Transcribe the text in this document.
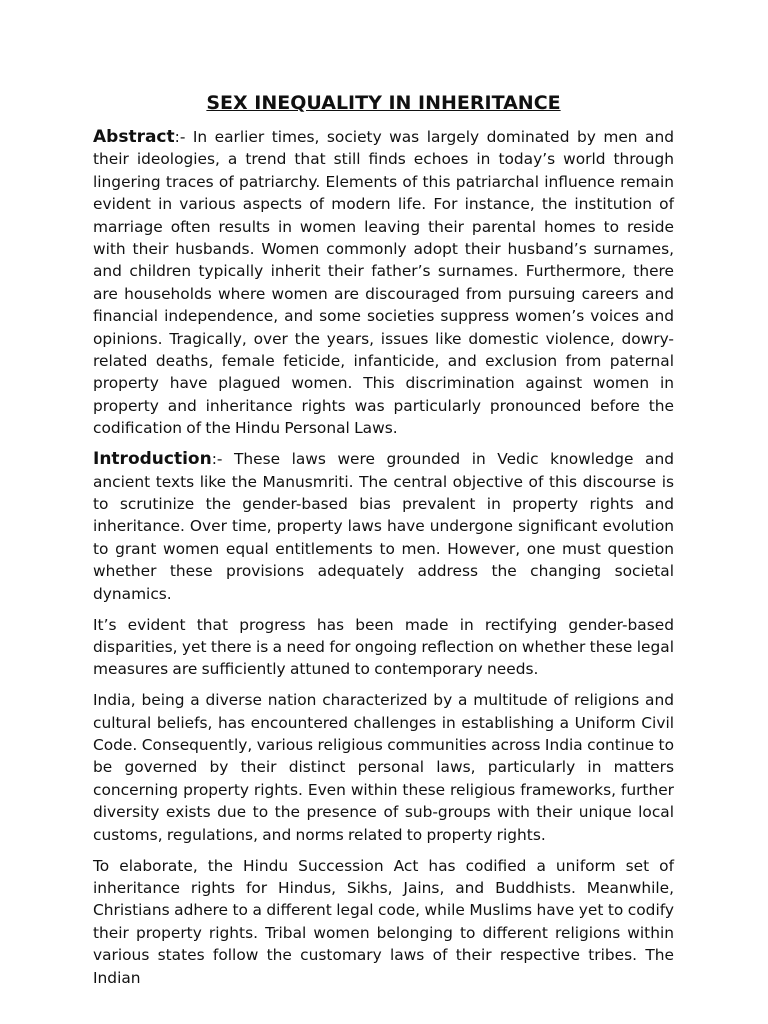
SEX INEQUALITY IN INHERITANCE

Abstract:- In earlier times, society was largely dominated by men and their ideologies, a trend that still finds echoes in today’s world through lingering traces of patriarchy. Elements of this patriarchal influence remain evident in various aspects of modern life. For instance, the institution of marriage often results in women leaving their parental homes to reside with their husbands. Women commonly adopt their husband’s surnames, and children typically inherit their father’s surnames. Furthermore, there are households where women are discouraged from pursuing careers and financial independence, and some societies suppress women’s voices and opinions. Tragically, over the years, issues like domestic violence, dowry-related deaths, female feticide, infanticide, and exclusion from paternal property have plagued women. This discrimination against women in property and inheritance rights was particularly pronounced before the codification of the Hindu Personal Laws.

Introduction:- These laws were grounded in Vedic knowledge and ancient texts like the Manusmriti. The central objective of this discourse is to scrutinize the gender-based bias prevalent in property rights and inheritance. Over time, property laws have undergone significant evolution to grant women equal entitlements to men. However, one must question whether these provisions adequately address the changing societal dynamics.

It’s evident that progress has been made in rectifying gender-based disparities, yet there is a need for ongoing reflection on whether these legal measures are sufficiently attuned to contemporary needs.

India, being a diverse nation characterized by a multitude of religions and cultural beliefs, has encountered challenges in establishing a Uniform Civil Code. Consequently, various religious communities across India continue to be governed by their distinct personal laws, particularly in matters concerning property rights. Even within these religious frameworks, further diversity exists due to the presence of sub-groups with their unique local customs, regulations, and norms related to property rights.

To elaborate, the Hindu Succession Act has codified a uniform set of inheritance rights for Hindus, Sikhs, Jains, and Buddhists. Meanwhile, Christians adhere to a different legal code, while Muslims have yet to codify their property rights. Tribal women belonging to different religions within various states follow the customary laws of their respective tribes. The Indian
